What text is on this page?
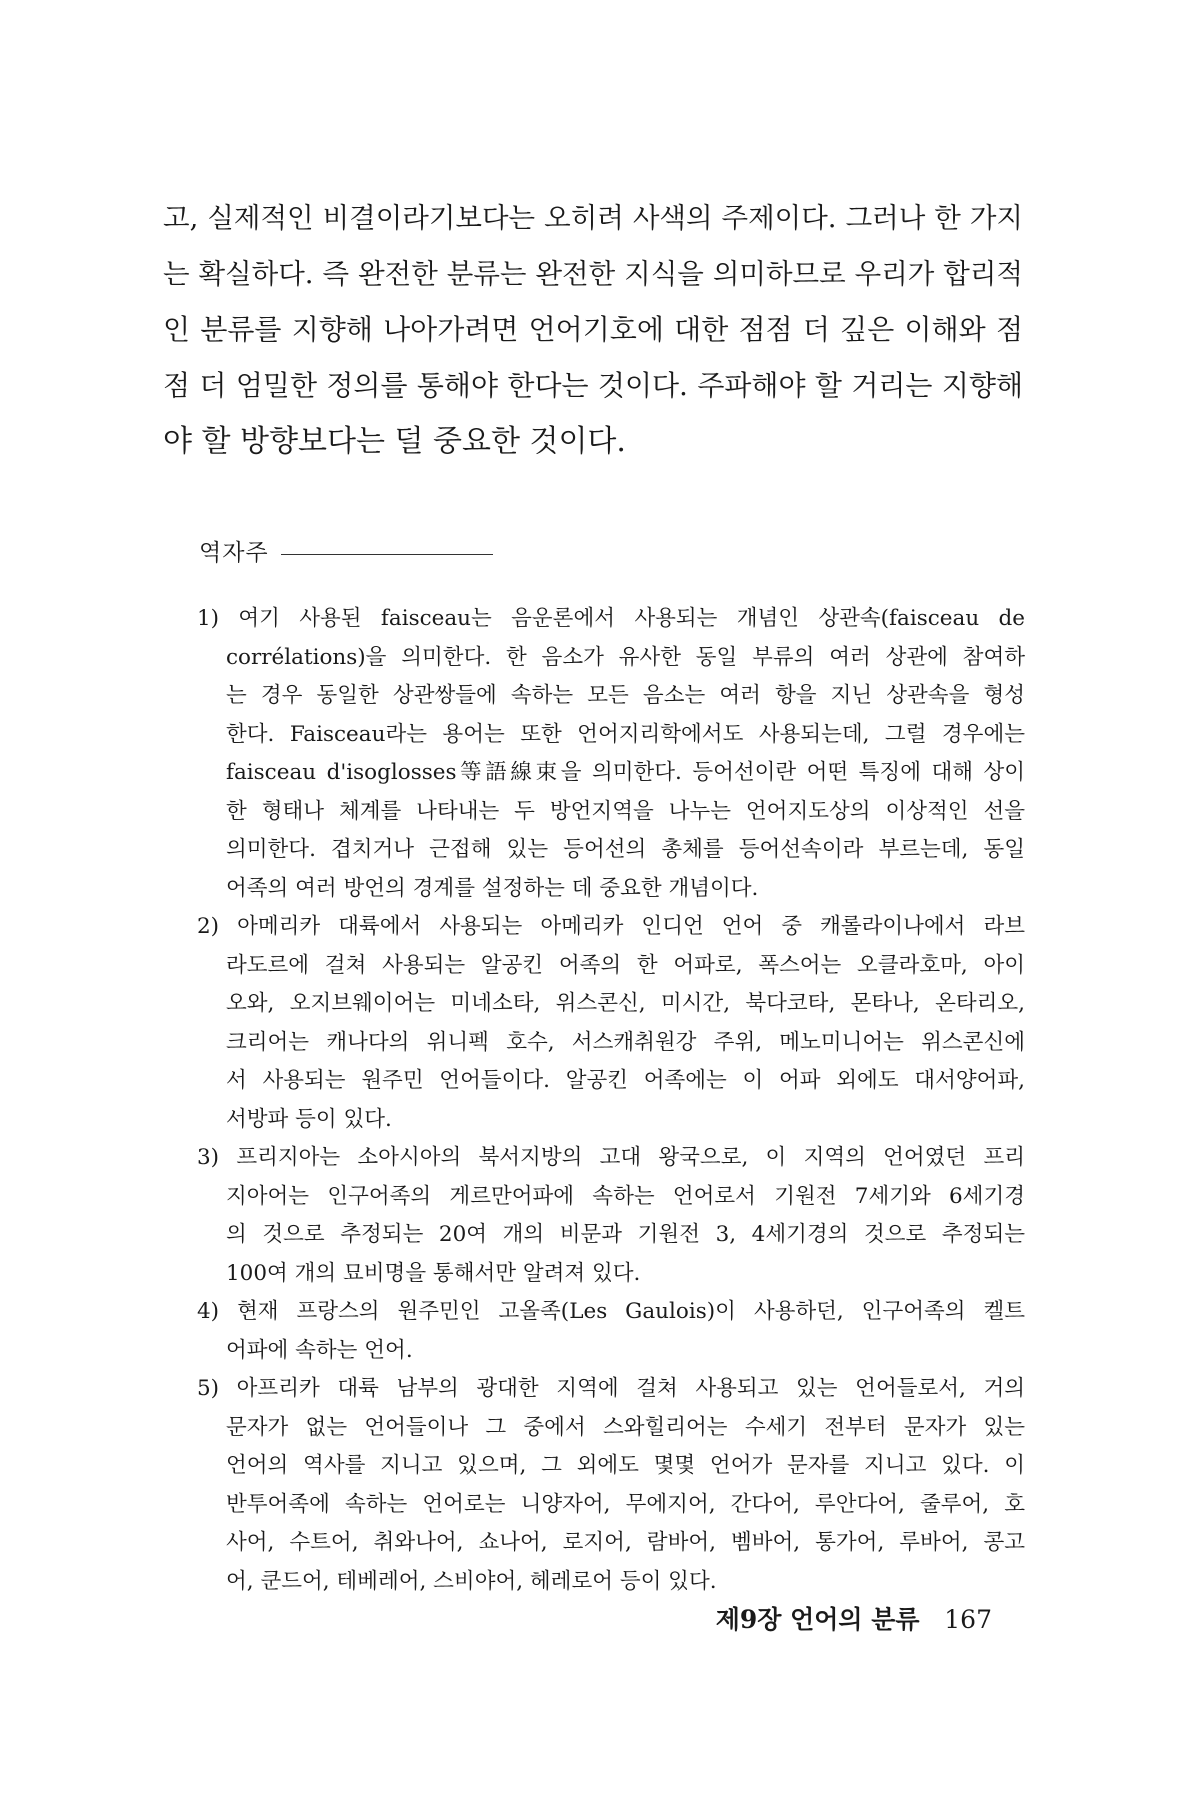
고, 실제적인 비결이라기보다는 오히려 사색의 주제이다. 그러나 한 가지
는 확실하다. 즉 완전한 분류는 완전한 지식을 의미하므로 우리가 합리적
인 분류를 지향해 나아가려면 언어기호에 대한 점점 더 깊은 이해와 점
점 더 엄밀한 정의를 통해야 한다는 것이다. 주파해야 할 거리는 지향해
야 할 방향보다는 덜 중요한 것이다.
역자주
1) 여기 사용된 faisceau는 음운론에서 사용되는 개념인 상관속(faisceau de
corrélations)을 의미한다. 한 음소가 유사한 동일 부류의 여러 상관에 참여하
는 경우 동일한 상관쌍들에 속하는 모든 음소는 여러 항을 지닌 상관속을 형성
한다. Faisceau라는 용어는 또한 언어지리학에서도 사용되는데, 그럴 경우에는
faisceau d'isoglosses等語線束을 의미한다. 등어선이란 어떤 특징에 대해 상이
한 형태나 체계를 나타내는 두 방언지역을 나누는 언어지도상의 이상적인 선을
의미한다. 겹치거나 근접해 있는 등어선의 총체를 등어선속이라 부르는데, 동일
어족의 여러 방언의 경계를 설정하는 데 중요한 개념이다.
2) 아메리카 대륙에서 사용되는 아메리카 인디언 언어 중 캐롤라이나에서 라브
라도르에 걸쳐 사용되는 알공킨 어족의 한 어파로, 폭스어는 오클라호마, 아이
오와, 오지브웨이어는 미네소타, 위스콘신, 미시간, 북다코타, 몬타나, 온타리오,
크리어는 캐나다의 위니펙 호수, 서스캐취원강 주위, 메노미니어는 위스콘신에
서 사용되는 원주민 언어들이다. 알공킨 어족에는 이 어파 외에도 대서양어파,
서방파 등이 있다.
3) 프리지아는 소아시아의 북서지방의 고대 왕국으로, 이 지역의 언어였던 프리
지아어는 인구어족의 게르만어파에 속하는 언어로서 기원전 7세기와 6세기경
의 것으로 추정되는 20여 개의 비문과 기원전 3, 4세기경의 것으로 추정되는
100여 개의 묘비명을 통해서만 알려져 있다.
4) 현재 프랑스의 원주민인 고올족(Les Gaulois)이 사용하던, 인구어족의 켈트
어파에 속하는 언어.
5) 아프리카 대륙 남부의 광대한 지역에 걸쳐 사용되고 있는 언어들로서, 거의
문자가 없는 언어들이나 그 중에서 스와힐리어는 수세기 전부터 문자가 있는
언어의 역사를 지니고 있으며, 그 외에도 몇몇 언어가 문자를 지니고 있다. 이
반투어족에 속하는 언어로는 니양자어, 무에지어, 간다어, 루안다어, 줄루어, 호
사어, 수트어, 취와나어, 쇼나어, 로지어, 람바어, 벰바어, 통가어, 루바어, 콩고
어, 쿤드어, 테베레어, 스비야어, 헤레로어 등이 있다.
제9장 언어의 분류 167
